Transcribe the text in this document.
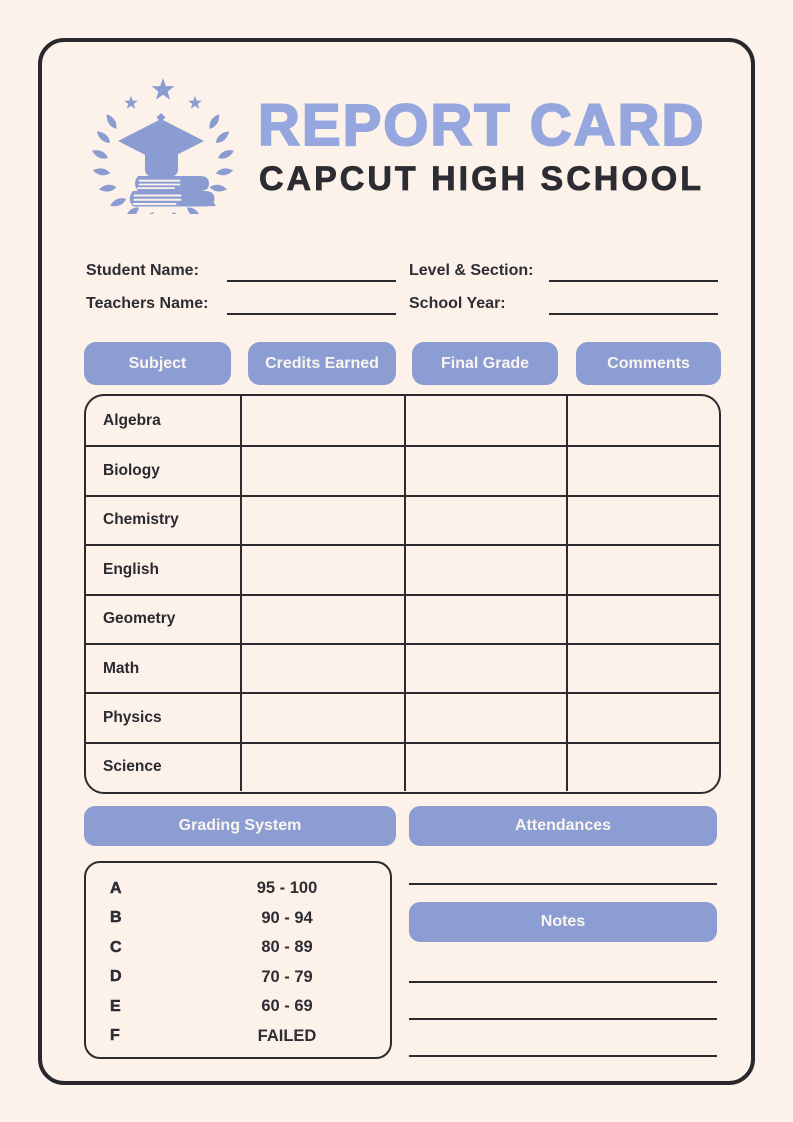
REPORT CARD
CAPCUT HIGH SCHOOL
Student Name:	Level & Section:
Teachers Name:	School Year:
Subject	Credits Earned	Final Grade	Comments
Algebra
Biology
Chemistry
English
Geometry
Math
Physics
Science
Grading System	Attendances
A	95 - 100
B	90 - 94
C	80 - 89
D	70 - 79
E	60 - 69
F	FAILED
Notes
